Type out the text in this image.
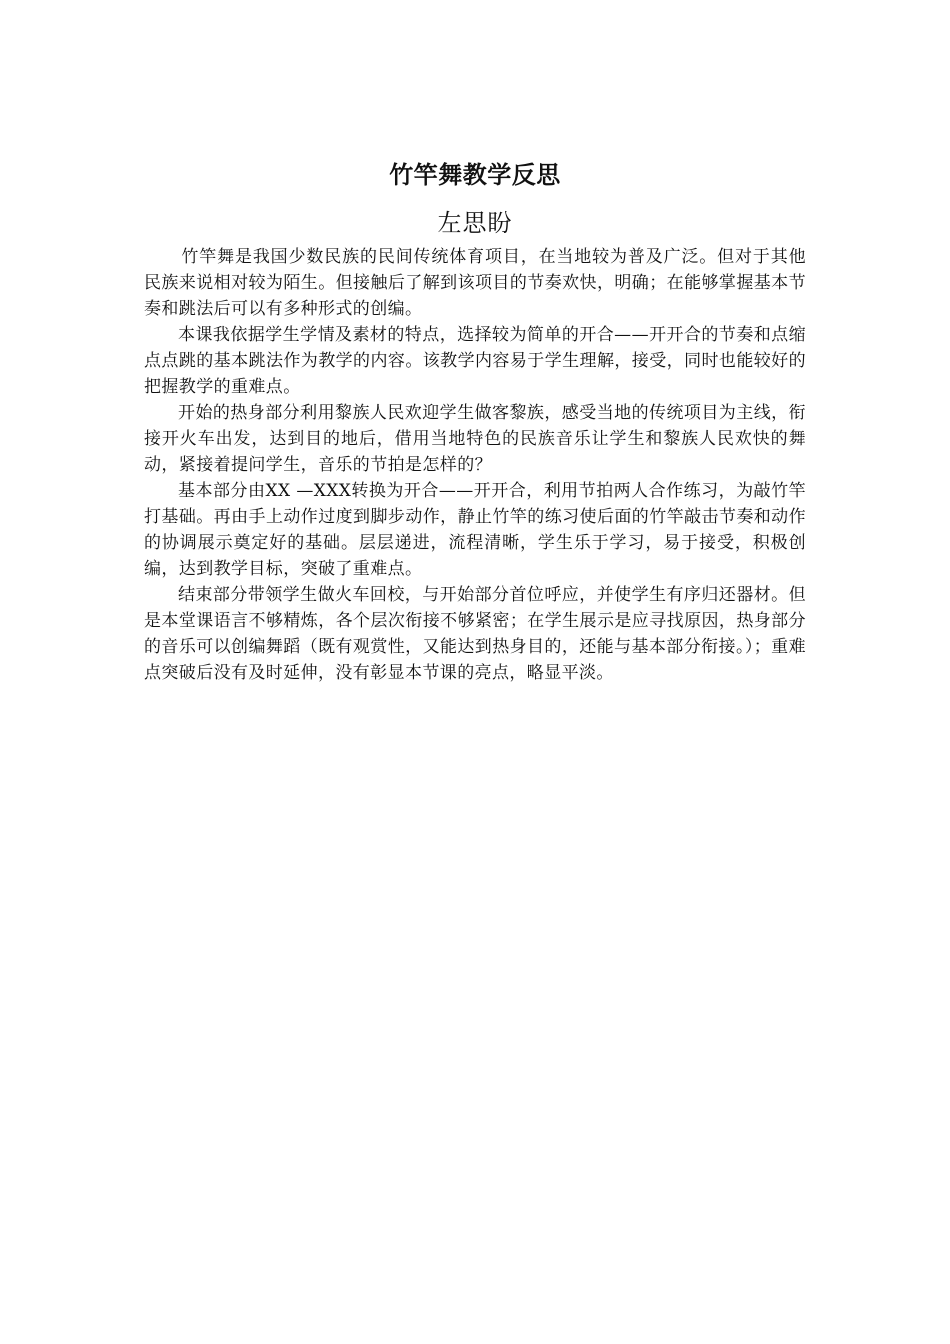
竹竿舞教学反思
左思盼

竹竿舞是我国少数民族的民间传统体育项目，在当地较为普及广泛。但对于其他民族来说相对较为陌生。但接触后了解到该项目的节奏欢快，明确；在能够掌握基本节奏和跳法后可以有多种形式的创编。

本课我依据学生学情及素材的特点，选择较为简单的开合——开开合的节奏和点缩点点跳的基本跳法作为教学的内容。该教学内容易于学生理解，接受，同时也能较好的把握教学的重难点。

开始的热身部分利用黎族人民欢迎学生做客黎族，感受当地的传统项目为主线，衔接开火车出发，达到目的地后，借用当地特色的民族音乐让学生和黎族人民欢快的舞动，紧接着提问学生，音乐的节拍是怎样的？

基本部分由XX —XXX转换为开合——开开合，利用节拍两人合作练习，为敲竹竿打基础。再由手上动作过度到脚步动作，静止竹竿的练习使后面的竹竿敲击节奏和动作的协调展示奠定好的基础。层层递进，流程清晰，学生乐于学习，易于接受，积极创编，达到教学目标，突破了重难点。

结束部分带领学生做火车回校，与开始部分首位呼应，并使学生有序归还器材。但是本堂课语言不够精炼，各个层次衔接不够紧密；在学生展示是应寻找原因，热身部分的音乐可以创编舞蹈（既有观赏性，又能达到热身目的，还能与基本部分衔接。）；重难点突破后没有及时延伸，没有彰显本节课的亮点，略显平淡。
